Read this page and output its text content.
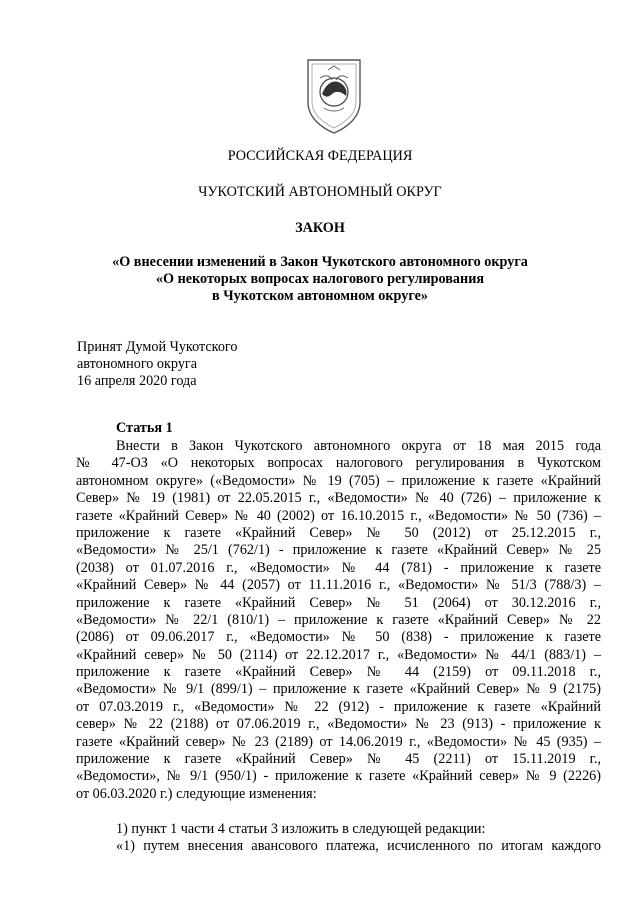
РОССИЙСКАЯ ФЕДЕРАЦИЯ
ЧУКОТСКИЙ АВТОНОМНЫЙ ОКРУГ
ЗАКОН
«О внесении изменений в Закон Чукотского автономного округа
«О некоторых вопросах налогового регулирования
в Чукотском автономном округе»
Принят Думой Чукотского
автономного округа
16 апреля 2020 года
Статья 1
Внести в Закон Чукотского автономного округа от 18 мая 2015 года
№ 47-ОЗ «О некоторых вопросах налогового регулирования в Чукотском
автономном округе» («Ведомости» № 19 (705) – приложение к газете «Крайний
Север» № 19 (1981) от 22.05.2015 г., «Ведомости» № 40 (726) – приложение к
газете «Крайний Север» № 40 (2002) от 16.10.2015 г., «Ведомости» № 50 (736) –
приложение к газете «Крайний Север» № 50 (2012) от 25.12.2015 г.,
«Ведомости» № 25/1 (762/1) - приложение к газете «Крайний Север» № 25
(2038) от 01.07.2016 г., «Ведомости» № 44 (781) - приложение к газете
«Крайний Север» № 44 (2057) от 11.11.2016 г., «Ведомости» № 51/3 (788/3) –
приложение к газете «Крайний Север» № 51 (2064) от 30.12.2016 г.,
«Ведомости» № 22/1 (810/1) – приложение к газете «Крайний Север» № 22
(2086) от 09.06.2017 г., «Ведомости» № 50 (838) - приложение к газете
«Крайний север» № 50 (2114) от 22.12.2017 г., «Ведомости» № 44/1 (883/1) –
приложение к газете «Крайний Север» № 44 (2159) от 09.11.2018 г.,
«Ведомости» № 9/1 (899/1) – приложение к газете «Крайний Север» № 9 (2175)
от 07.03.2019 г., «Ведомости» № 22 (912) - приложение к газете «Крайний
север» № 22 (2188) от 07.06.2019 г., «Ведомости» № 23 (913) - приложение к
газете «Крайний север» № 23 (2189) от 14.06.2019 г., «Ведомости» № 45 (935) –
приложение к газете «Крайний Север» № 45 (2211) от 15.11.2019 г.,
«Ведомости», № 9/1 (950/1) - приложение к газете «Крайний север» № 9 (2226)
от 06.03.2020 г.) следующие изменения:
1) пункт 1 части 4 статьи 3 изложить в следующей редакции:
«1) путем внесения авансового платежа, исчисленного по итогам каждого
